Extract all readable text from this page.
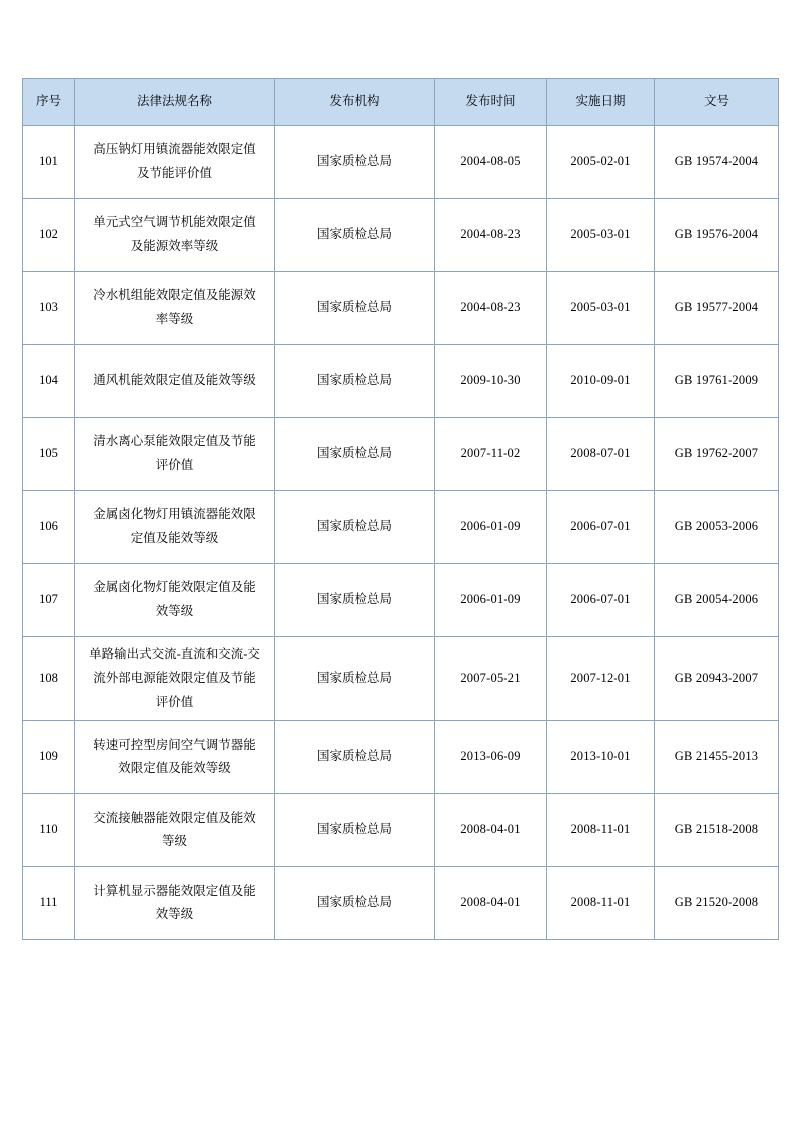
序号	法律法规名称	发布机构	发布时间	实施日期	文号
101	高压钠灯用镇流器能效限定值及节能评价值	国家质检总局	2004-08-05	2005-02-01	GB 19574-2004
102	单元式空气调节机能效限定值及能源效率等级	国家质检总局	2004-08-23	2005-03-01	GB 19576-2004
103	冷水机组能效限定值及能源效率等级	国家质检总局	2004-08-23	2005-03-01	GB 19577-2004
104	通风机能效限定值及能效等级	国家质检总局	2009-10-30	2010-09-01	GB 19761-2009
105	清水离心泵能效限定值及节能评价值	国家质检总局	2007-11-02	2008-07-01	GB 19762-2007
106	金属卤化物灯用镇流器能效限定值及能效等级	国家质检总局	2006-01-09	2006-07-01	GB 20053-2006
107	金属卤化物灯能效限定值及能效等级	国家质检总局	2006-01-09	2006-07-01	GB 20054-2006
108	单路输出式交流-直流和交流-交流外部电源能效限定值及节能评价值	国家质检总局	2007-05-21	2007-12-01	GB 20943-2007
109	转速可控型房间空气调节器能效限定值及能效等级	国家质检总局	2013-06-09	2013-10-01	GB 21455-2013
110	交流接触器能效限定值及能效等级	国家质检总局	2008-04-01	2008-11-01	GB 21518-2008
111	计算机显示器能效限定值及能效等级	国家质检总局	2008-04-01	2008-11-01	GB 21520-2008
